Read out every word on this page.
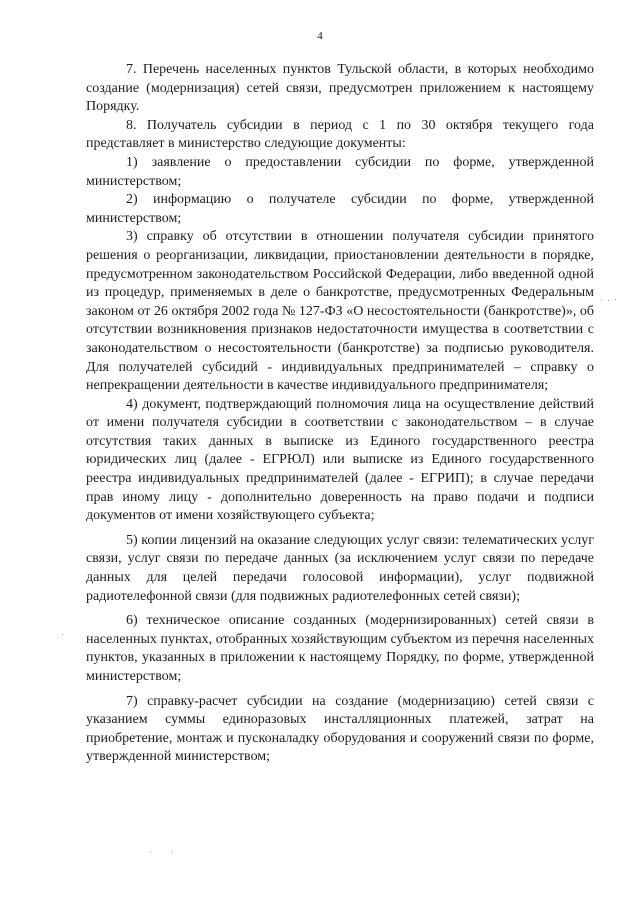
4

7. Перечень населенных пунктов Тульской области, в которых необходимо создание (модернизация) сетей связи, предусмотрен приложением к настоящему Порядку.

8. Получатель субсидии в период с 1 по 30 октября текущего года представляет в министерство следующие документы:

1) заявление о предоставлении субсидии по форме, утвержденной министерством;

2) информацию о получателе субсидии по форме, утвержденной министерством;

3) справку об отсутствии в отношении получателя субсидии принятого решения о реорганизации, ликвидации, приостановлении деятельности в порядке, предусмотренном законодательством Российской Федерации, либо введенной одной из процедур, применяемых в деле о банкротстве, предусмотренных Федеральным законом от 26 октября 2002 года № 127-ФЗ «О несостоятельности (банкротстве)», об отсутствии возникновения признаков недостаточности имущества в соответствии с законодательством о несостоятельности (банкротстве) за подписью руководителя. Для получателей субсидий - индивидуальных предпринимателей – справку о непрекращении деятельности в качестве индивидуального предпринимателя;

4) документ, подтверждающий полномочия лица на осуществление действий от имени получателя субсидии в соответствии с законодательством – в случае отсутствия таких данных в выписке из Единого государственного реестра юридических лиц (далее - ЕГРЮЛ) или выписке из Единого государственного реестра индивидуальных предпринимателей (далее - ЕГРИП); в случае передачи прав иному лицу - дополнительно доверенность на право подачи и подписи документов от имени хозяйствующего субъекта;

5) копии лицензий на оказание следующих услуг связи: телематических услуг связи, услуг связи по передаче данных (за исключением услуг связи по передаче данных для целей передачи голосовой информации), услуг подвижной радиотелефонной связи (для подвижных радиотелефонных сетей связи);

6) техническое описание созданных (модернизированных) сетей связи в населенных пунктах, отобранных хозяйствующим субъектом из перечня населенных пунктов, указанных в приложении к настоящему Порядку, по форме, утвержденной министерством;

7) справку-расчет субсидии на создание (модернизацию) сетей связи с указанием суммы единоразовых инсталляционных платежей, затрат на приобретение, монтаж и пусконаладку оборудования и сооружений связи по форме, утвержденной министерством;
